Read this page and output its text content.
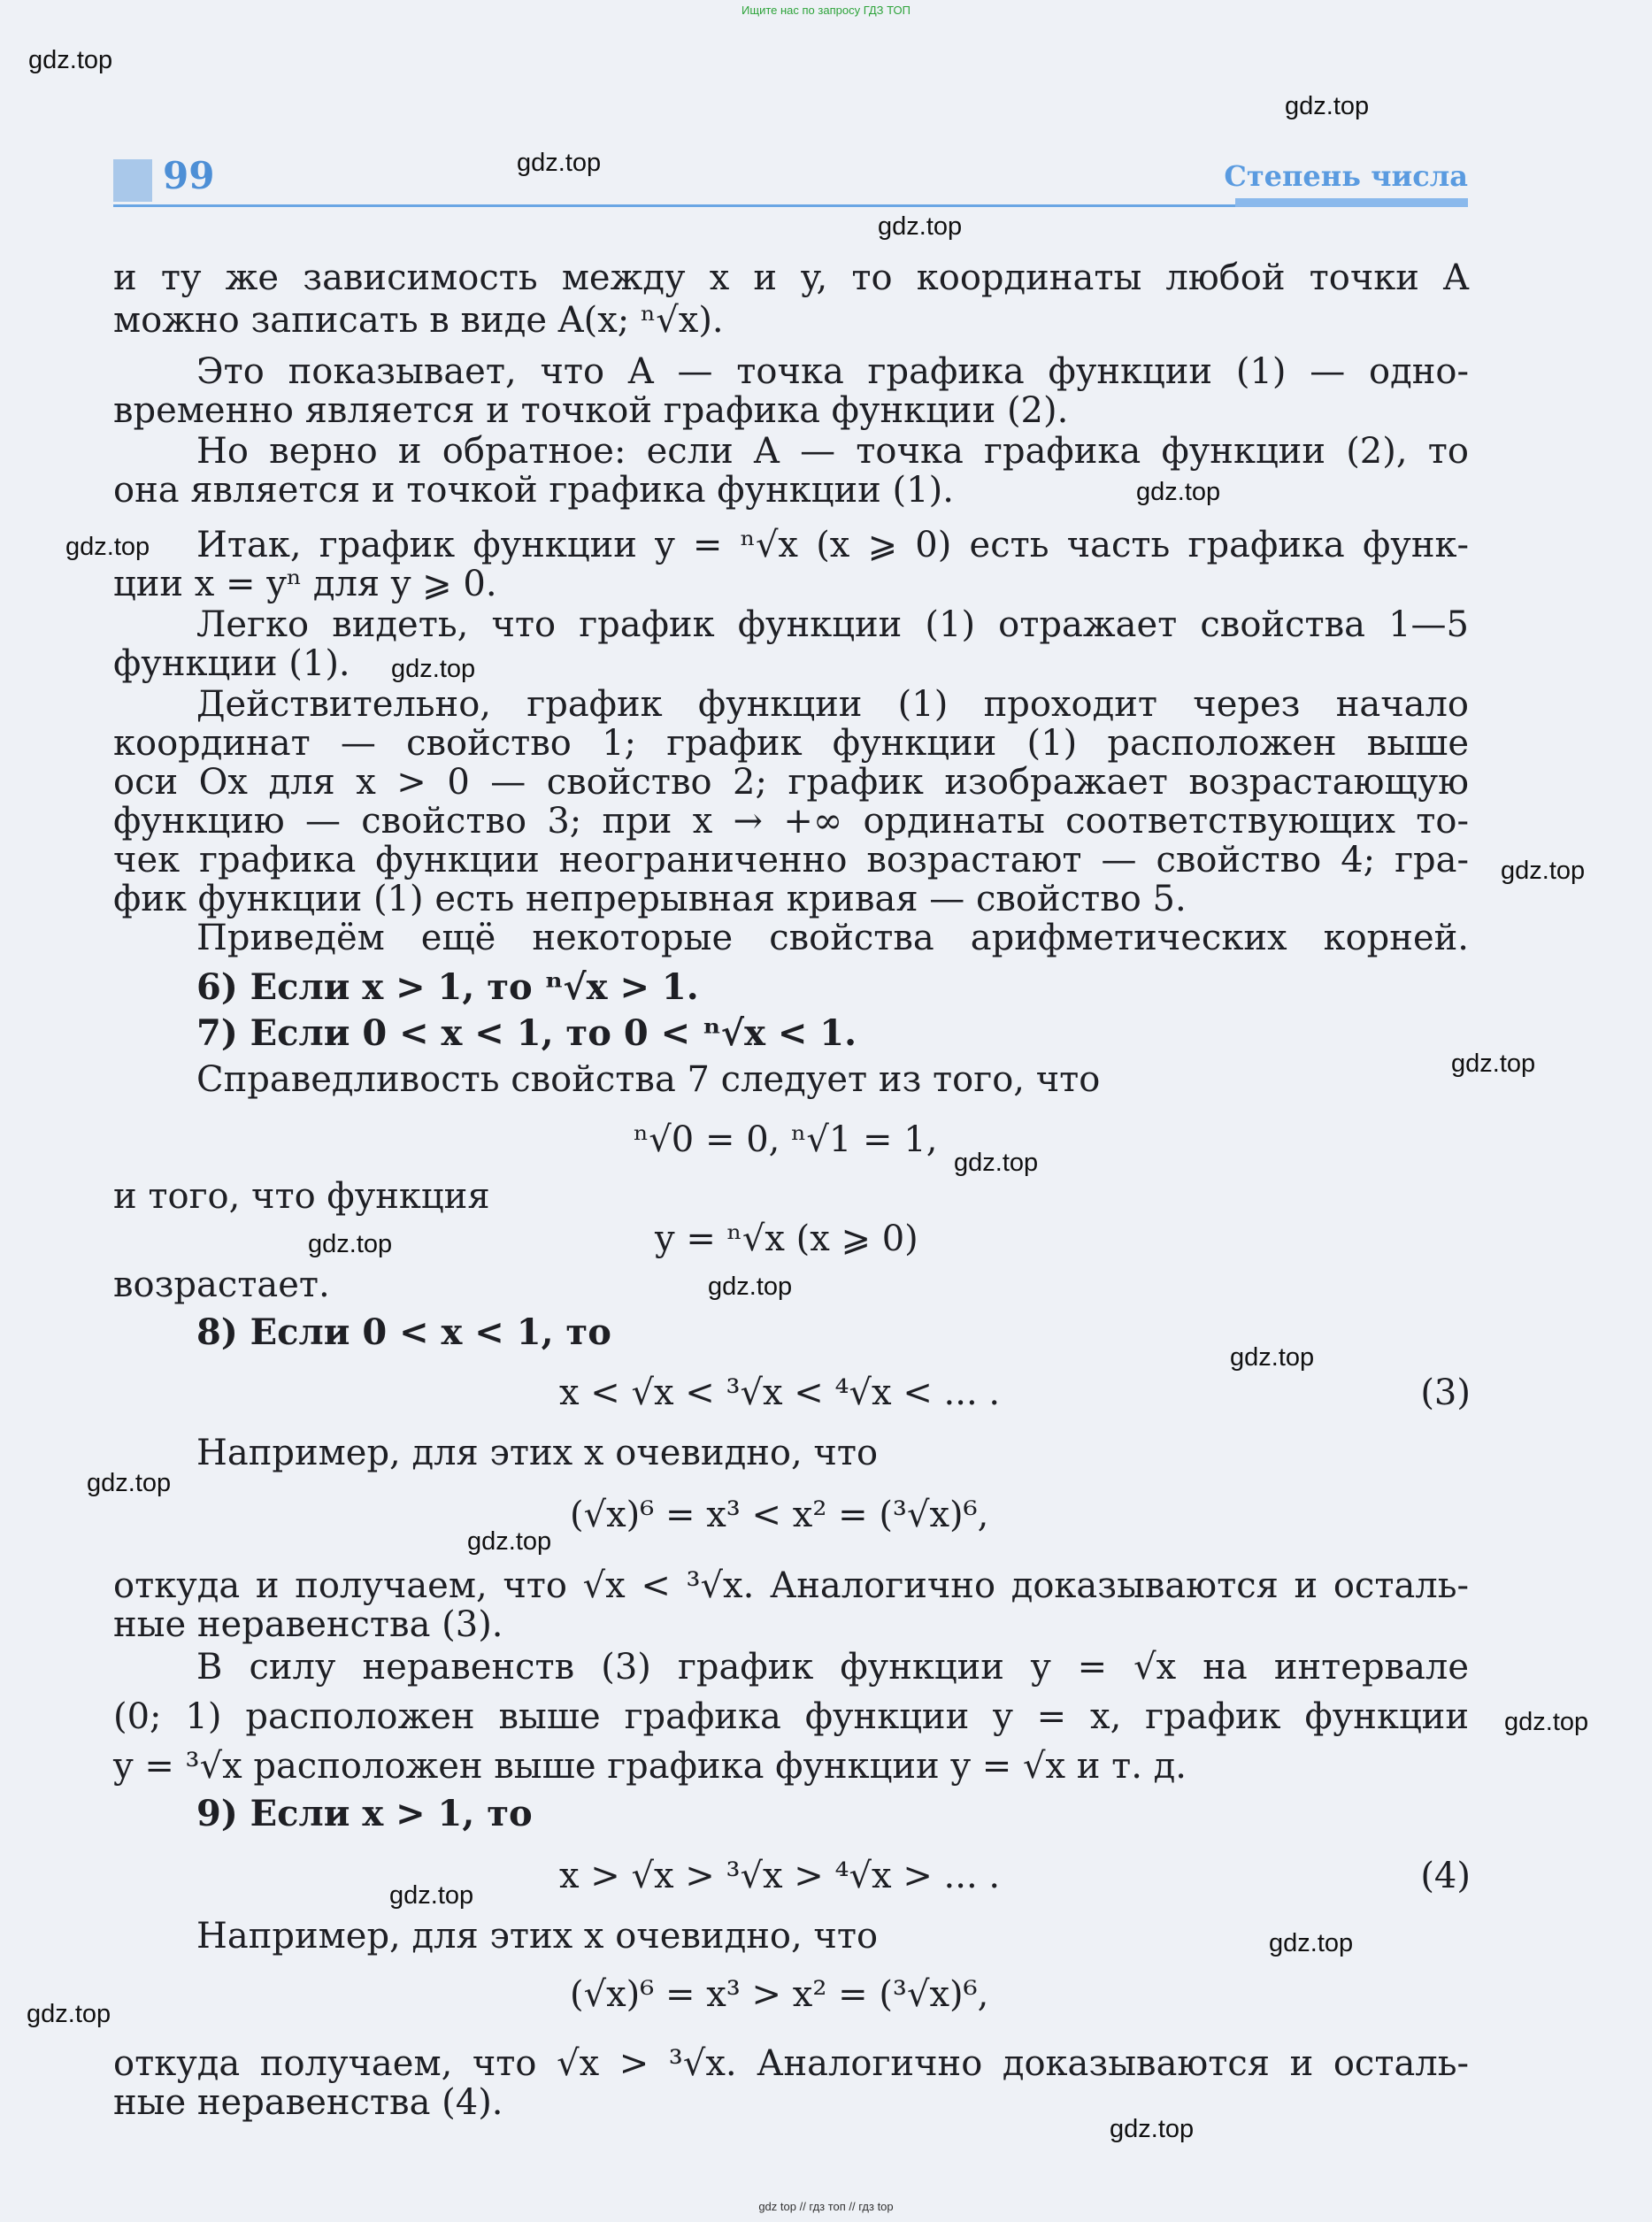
Ищите нас по запросу ГДЗ ТОП
99	Степень числа
и ту же зависимость между x и y, то координаты любой точки A
можно записать в виде A(x; ⁿ√x).
Это показывает, что A — точка графика функции (1) — одно-
временно является и точкой графика функции (2).
Но верно и обратное: если A — точка графика функции (2), то
она является и точкой графика функции (1).
Итак, график функции y = ⁿ√x (x ⩾ 0) есть часть графика функ-
ции x = yⁿ для y ⩾ 0.
Легко видеть, что график функции (1) отражает свойства 1—5
функции (1).
Действительно, график функции (1) проходит через начало
координат — свойство 1; график функции (1) расположен выше
оси Ox для x > 0 — свойство 2; график изображает возрастающую
функцию — свойство 3; при x → +∞ ординаты соответствующих то-
чек графика функции неограниченно возрастают — свойство 4; гра-
фик функции (1) есть непрерывная кривая — свойство 5.
Приведём ещё некоторые свойства арифметических корней.
6) Если x > 1, то ⁿ√x > 1.
7) Если 0 < x < 1, то 0 < ⁿ√x < 1.
Справедливость свойства 7 следует из того, что
ⁿ√0 = 0, ⁿ√1 = 1,
и того, что функция
y = ⁿ√x (x ⩾ 0)
возрастает.
8) Если 0 < x < 1, то
x < √x < ³√x < ⁴√x < ... .	(3)
Например, для этих x очевидно, что
(√x)⁶ = x³ < x² = (³√x)⁶,
откуда и получаем, что √x < ³√x. Аналогично доказываются и осталь-
ные неравенства (3).
В силу неравенств (3) график функции y = √x на интервале
(0; 1) расположен выше графика функции y = x, график функции
y = ³√x расположен выше графика функции y = √x и т. д.
9) Если x > 1, то
x > √x > ³√x > ⁴√x > ... .	(4)
Например, для этих x очевидно, что
(√x)⁶ = x³ > x² = (³√x)⁶,
откуда получаем, что √x > ³√x. Аналогично доказываются и осталь-
ные неравенства (4).
gdz.top
gdz.top
gdz.top
gdz.top
gdz.top
gdz.top
gdz.top
gdz.top
gdz.top
gdz.top
gdz.top
gdz.top
gdz.top
gdz.top
gdz.top
gdz.top
gdz.top
gdz.top
gdz.top
gdz.top
gdz top // гдз топ // гдз top
